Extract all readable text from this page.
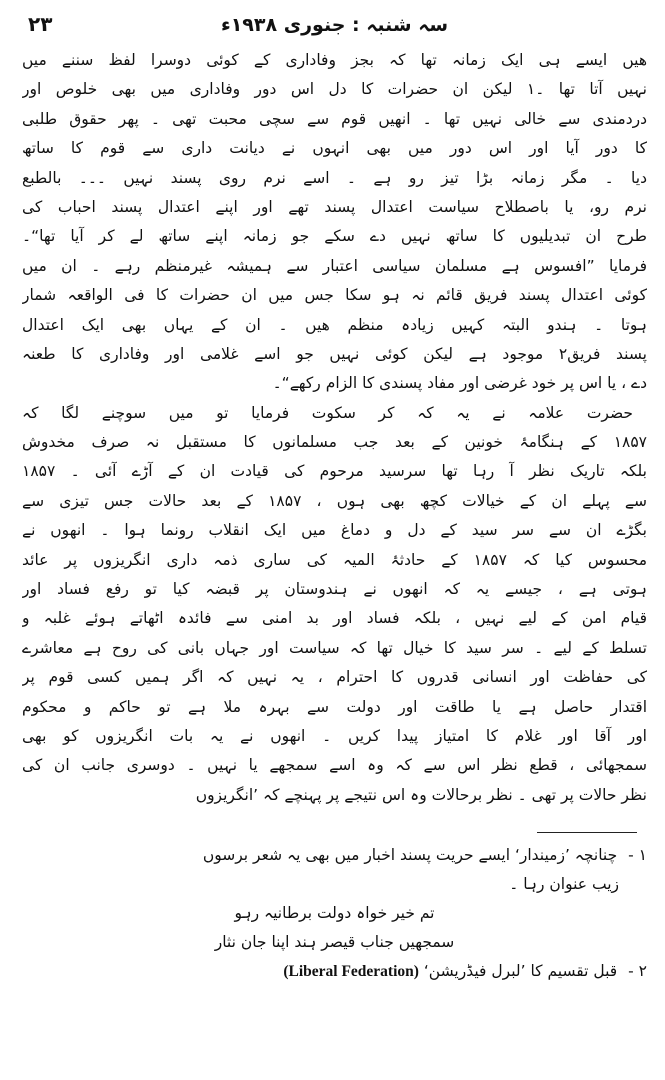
سہ شنبہ : جنوری ۱۹۳۸ء
۲۳
ھیں ایسے ہی ایک زمانہ تھا کہ بجز وفاداری کے کوئی دوسرا لفظ سننے میں
نہیں آتا تھا ۔۱ لیکن ان حضرات کا دل اس دور وفاداری میں بھی خلوص اور
دردمندی سے خالی نہیں تھا ۔ انھیں قوم سے سچی محبت تھی ۔ پھر حقوق طلبی
کا دور آیا اور اس دور میں بھی انہوں نے دیانت داری سے قوم کا ساتھ
دیا ۔ مگر زمانہ بڑا تیز رو ہے ۔ اسے نرم روی پسند نہیں ۔۔۔ بالطبع
نرم رو، یا باصطلاح سیاست اعتدال پسند تھے اور اپنے اعتدال پسند احباب کی
طرح ان تبدیلیوں کا ساتھ نہیں دے سکے جو زمانہ اپنے ساتھ لے کر آیا تھا“۔
فرمایا ”افسوس ہے مسلمان سیاسی اعتبار سے ہمیشہ غیرمنظم رہے ۔ ان میں
کوئی اعتدال پسند فریق قائم نہ ہو سکا جس میں ان حضرات کا فی الواقعہ شمار
ہوتا ۔ ہندو البتہ کہیں زیادہ منظم ھیں ۔ ان کے یہاں بھی ایک اعتدال
پسند فریق۲ موجود ہے لیکن کوئی نہیں جو اسے غلامی اور وفاداری کا طعنہ
دے ، یا اس پر خود غرضی اور مفاد پسندی کا الزام رکھے“۔
حضرت علامہ نے یہ کہ کر سکوت فرمایا تو میں سوچنے لگا کہ
۱۸۵۷ کے ہنگامۂ خونین کے بعد جب مسلمانوں کا مستقبل نہ صرف مخدوش
بلکہ تاریک نظر آ رہا تھا سرسید مرحوم کی قیادت ان کے آڑے آئی ۔ ۱۸۵۷
سے پہلے ان کے خیالات کچھ بھی ہوں ، ۱۸۵۷ کے بعد حالات جس تیزی سے
بگڑے ان سے سر سید کے دل و دماغ میں ایک انقلاب رونما ہوا ۔ انھوں نے
محسوس کیا کہ ۱۸۵۷ کے حادثۂ المیہ کی ساری ذمہ داری انگریزوں پر عائد
ہوتی ہے ، جیسے یہ کہ انھوں نے ہندوستان پر قبضہ کیا تو رفع فساد اور
قیام امن کے لیے نہیں ، بلکہ فساد اور بد امنی سے فائدہ اٹھاتے ہوئے غلبہ و
تسلط کے لیے ۔ سر سید کا خیال تھا کہ سیاست اور جہاں بانی کی روح ہے معاشرے
کی حفاظت اور انسانی قدروں کا احترام ، یہ نہیں کہ اگر ہمیں کسی قوم پر
اقتدار حاصل ہے یا طاقت اور دولت سے بہرہ ملا ہے تو حاکم و محکوم
اور آقا اور غلام کا امتیاز پیدا کریں ۔ انھوں نے یہ بات انگریزوں کو بھی
سمجھائی ، قطع نظر اس سے کہ وہ اسے سمجھے یا نہیں ۔ دوسری جانب ان کی
نظر حالات پر تھی ۔ نظر برحالات وہ اس نتیجے پر پہنچے کہ ’انگریزوں
۱ - چنانچہ ’زمیندار‘ ایسے حریت پسند اخبار میں بھی یہ شعر برسوں
زیب عنوان رہا ۔
تم خیر خواہ دولت برطانیہ رہو
سمجھیں جناب قیصر ہند اپنا جان نثار
۲ - قبل تقسیم کا ’لبرل فیڈریشن‘ (Liberal Federation)
